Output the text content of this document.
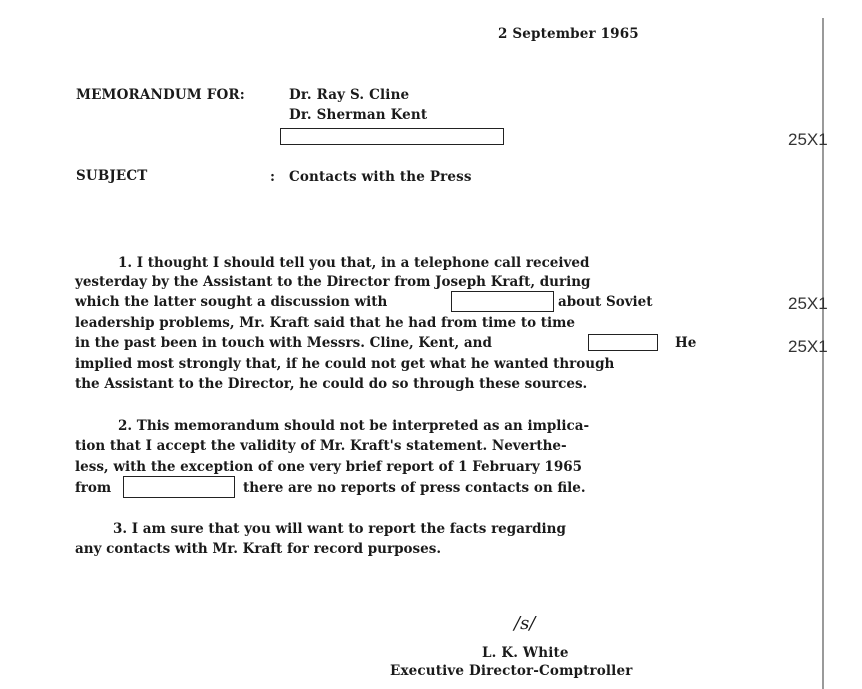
2 September 1965
MEMORANDUM FOR:	Dr. Ray S. Cline
Dr. Sherman Kent
25X1
SUBJECT	: Contacts with the Press

1. I thought I should tell you that, in a telephone call received

yesterday by the Assistant to the Director from Joseph Kraft, during

which the latter sought a discussion with	about Soviet

leadership problems, Mr. Kraft said that he had from time to time

in the past been in touch with Messrs. Cline, Kent, and	He

implied most strongly that, if he could not get what he wanted through

the Assistant to the Director, he could do so through these sources.

25X1
25X1

2. This memorandum should not be interpreted as an implica-

tion that I accept the validity of Mr. Kraft's statement. Neverthe-

less, with the exception of one very brief report of 1 February 1965

from	there are no reports of press contacts on file.

3. I am sure that you will want to report the facts regarding

any contacts with Mr. Kraft for record purposes.

/s/
L. K. White
Executive Director-Comptroller
